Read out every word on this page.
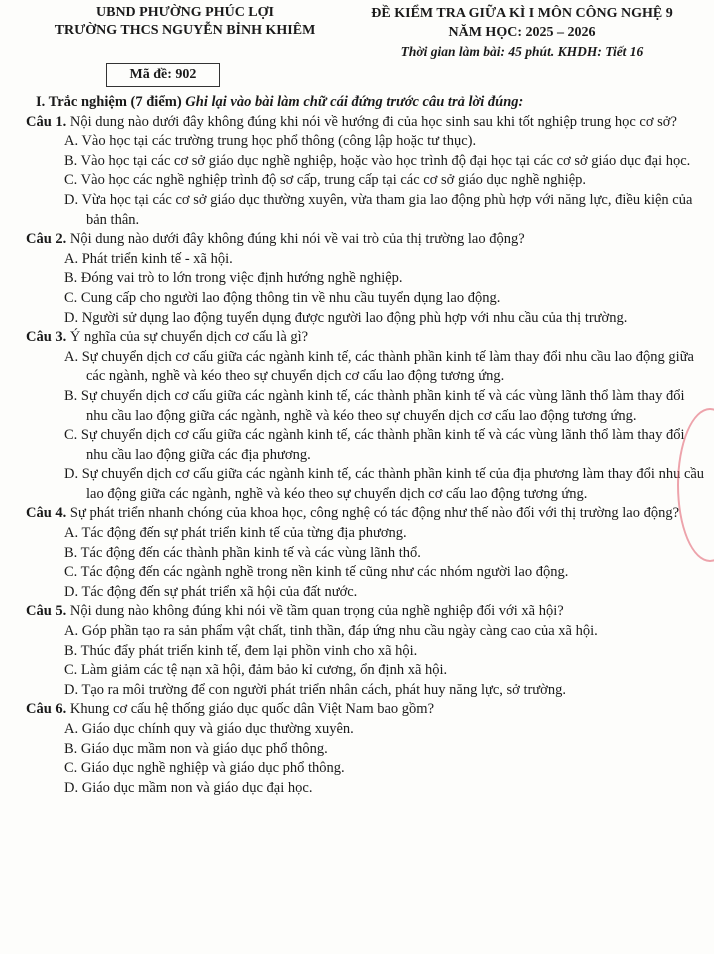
UBND PHƯỜNG PHÚC LỢI
TRƯỜNG THCS NGUYỄN BỈNH KHIÊM
Mã đề: 902
ĐỀ KIỂM TRA GIỮA KÌ I MÔN CÔNG NGHỆ 9
NĂM HỌC: 2025 – 2026
Thời gian làm bài: 45 phút. KHDH: Tiết 16
I. Trắc nghiệm (7 điểm) Ghi lại vào bài làm chữ cái đứng trước câu trả lời đúng:
Câu 1. Nội dung nào dưới đây không đúng khi nói về hướng đi của học sinh sau khi tốt nghiệp trung học cơ sở?
A. Vào học tại các trường trung học phổ thông (công lập hoặc tư thục).
B. Vào học tại các cơ sở giáo dục nghề nghiệp, hoặc vào học trình độ đại học tại các cơ sở giáo dục đại học.
C. Vào học các nghề nghiệp trình độ sơ cấp, trung cấp tại các cơ sở giáo dục nghề nghiệp.
D. Vừa học tại các cơ sở giáo dục thường xuyên, vừa tham gia lao động phù hợp với năng lực, điều kiện của bản thân.
Câu 2. Nội dung nào dưới đây không đúng khi nói về vai trò của thị trường lao động?
A. Phát triển kinh tế - xã hội.
B. Đóng vai trò to lớn trong việc định hướng nghề nghiệp.
C. Cung cấp cho người lao động thông tin về nhu cầu tuyển dụng lao động.
D. Người sử dụng lao động tuyển dụng được người lao động phù hợp với nhu cầu của thị trường.
Câu 3. Ý nghĩa của sự chuyển dịch cơ cấu là gì?
A. Sự chuyển dịch cơ cấu giữa các ngành kinh tế, các thành phần kinh tế làm thay đổi nhu cầu lao động giữa các ngành, nghề và kéo theo sự chuyển dịch cơ cấu lao động tương ứng.
B. Sự chuyển dịch cơ cấu giữa các ngành kinh tế, các thành phần kinh tế và các vùng lãnh thổ làm thay đổi nhu cầu lao động giữa các ngành, nghề và kéo theo sự chuyển dịch cơ cấu lao động tương ứng.
C. Sự chuyển dịch cơ cấu giữa các ngành kinh tế, các thành phần kinh tế và các vùng lãnh thổ làm thay đổi nhu cầu lao động giữa các địa phương.
D. Sự chuyển dịch cơ cấu giữa các ngành kinh tế, các thành phần kinh tế của địa phương làm thay đổi nhu cầu lao động giữa các ngành, nghề và kéo theo sự chuyển dịch cơ cấu lao động tương ứng.
Câu 4. Sự phát triển nhanh chóng của khoa học, công nghệ có tác động như thế nào đối với thị trường lao động?
A. Tác động đến sự phát triển kinh tế của từng địa phương.
B. Tác động đến các thành phần kinh tế và các vùng lãnh thổ.
C. Tác động đến các ngành nghề trong nền kinh tế cũng như các nhóm người lao động.
D. Tác động đến sự phát triển xã hội của đất nước.
Câu 5. Nội dung nào không đúng khi nói về tầm quan trọng của nghề nghiệp đối với xã hội?
A. Góp phần tạo ra sản phẩm vật chất, tinh thần, đáp ứng nhu cầu ngày càng cao của xã hội.
B. Thúc đẩy phát triển kinh tế, đem lại phồn vinh cho xã hội.
C. Làm giảm các tệ nạn xã hội, đảm bảo kỉ cương, ổn định xã hội.
D. Tạo ra môi trường để con người phát triển nhân cách, phát huy năng lực, sở trường.
Câu 6. Khung cơ cấu hệ thống giáo dục quốc dân Việt Nam bao gồm?
A. Giáo dục chính quy và giáo dục thường xuyên.
B. Giáo dục mầm non và giáo dục phổ thông.
C. Giáo dục nghề nghiệp và giáo dục phổ thông.
D. Giáo dục mầm non và giáo dục đại học.
